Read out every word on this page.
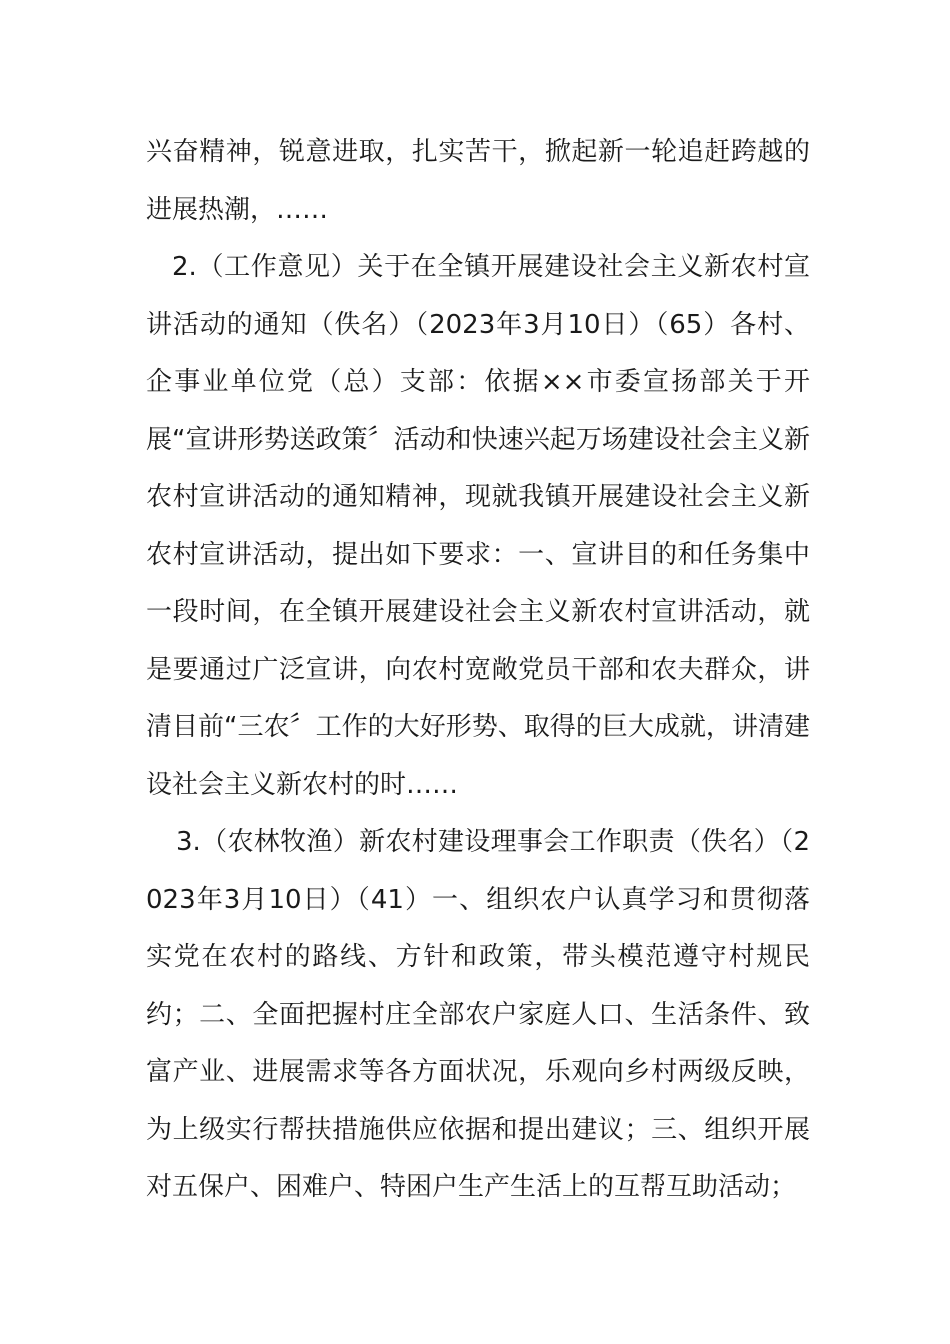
兴奋精神，锐意进取，扎实苦干，掀起新一轮追赶跨越的进展热潮，……

2.（工作意见）关于在全镇开展建设社会主义新农村宣讲活动的通知（佚名）（2023年3月10日）（65）各村、企事业单位党（总）支部：依据××市委宣扬部关于开展“宣讲形势送政策〞活动和快速兴起万场建设社会主义新农村宣讲活动的通知精神，现就我镇开展建设社会主义新农村宣讲活动，提出如下要求：一、宣讲目的和任务集中一段时间，在全镇开展建设社会主义新农村宣讲活动，就是要通过广泛宣讲，向农村宽敞党员干部和农夫群众，讲清目前“三农〞工作的大好形势、取得的巨大成就，讲清建设社会主义新农村的时……

3.（农林牧渔）新农村建设理事会工作职责（佚名）（2023年3月10日）（41）一、组织农户认真学习和贯彻落实党在农村的路线、方针和政策，带头模范遵守村规民约；二、全面把握村庄全部农户家庭人口、生活条件、致富产业、进展需求等各方面状况，乐观向乡村两级反映，为上级实行帮扶措施供应依据和提出建议；三、组织开展对五保户、困难户、特困户生产生活上的互帮互助活动；
